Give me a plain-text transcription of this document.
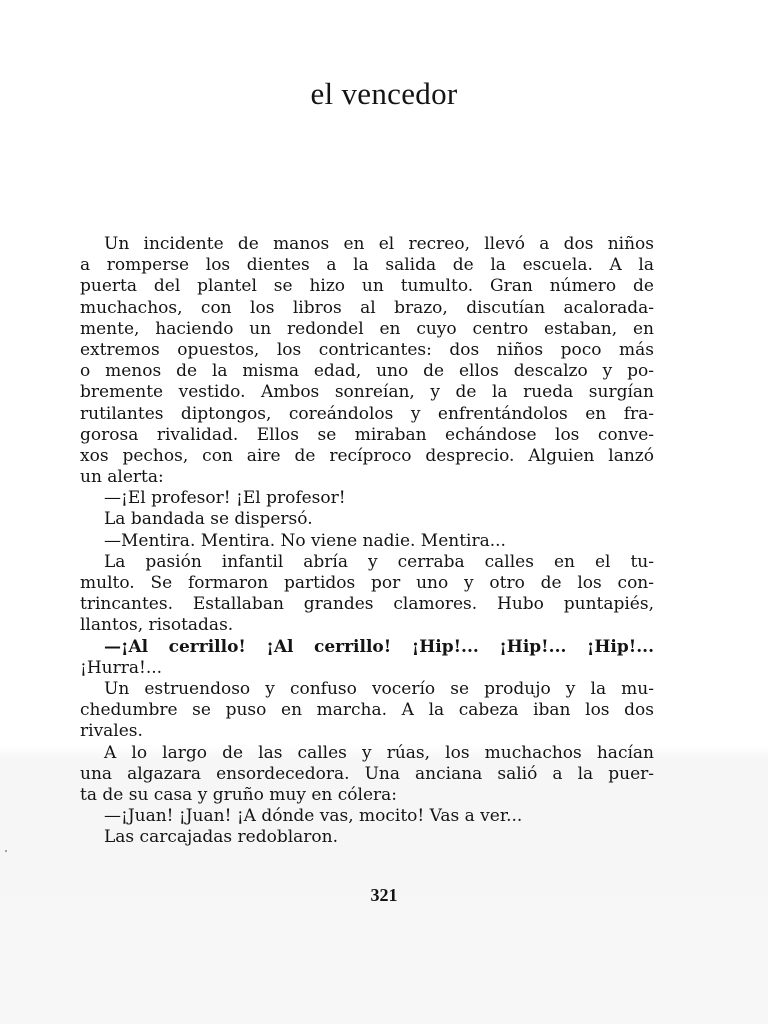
el vencedor
Un incidente de manos en el recreo, llevó a dos niños
a romperse los dientes a la salida de la escuela. A la
puerta del plantel se hizo un tumulto. Gran número de
muchachos, con los libros al brazo, discutían acalorada-
mente, haciendo un redondel en cuyo centro estaban, en
extremos opuestos, los contricantes: dos niños poco más
o menos de la misma edad, uno de ellos descalzo y po-
bremente vestido. Ambos sonreían, y de la rueda surgían
rutilantes diptongos, coreándolos y enfrentándolos en fra-
gorosa rivalidad. Ellos se miraban echándose los conve-
xos pechos, con aire de recíproco desprecio. Alguien lanzó
un alerta:
—¡El profesor! ¡El profesor!
La bandada se dispersó.
—Mentira. Mentira. No viene nadie. Mentira...
La pasión infantil abría y cerraba calles en el tu-
multo. Se formaron partidos por uno y otro de los con-
trincantes. Estallaban grandes clamores. Hubo puntapiés,
llantos, risotadas.
—¡Al cerrillo! ¡Al cerrillo! ¡Hip!... ¡Hip!... ¡Hip!...
¡Hurra!...
Un estruendoso y confuso vocerío se produjo y la mu-
chedumbre se puso en marcha. A la cabeza iban los dos
rivales.
A lo largo de las calles y rúas, los muchachos hacían
una algazara ensordecedora. Una anciana salió a la puer-
ta de su casa y gruño muy en cólera:
—¡Juan! ¡Juan! ¡A dónde vas, mocito! Vas a ver...
Las carcajadas redoblaron.
321
